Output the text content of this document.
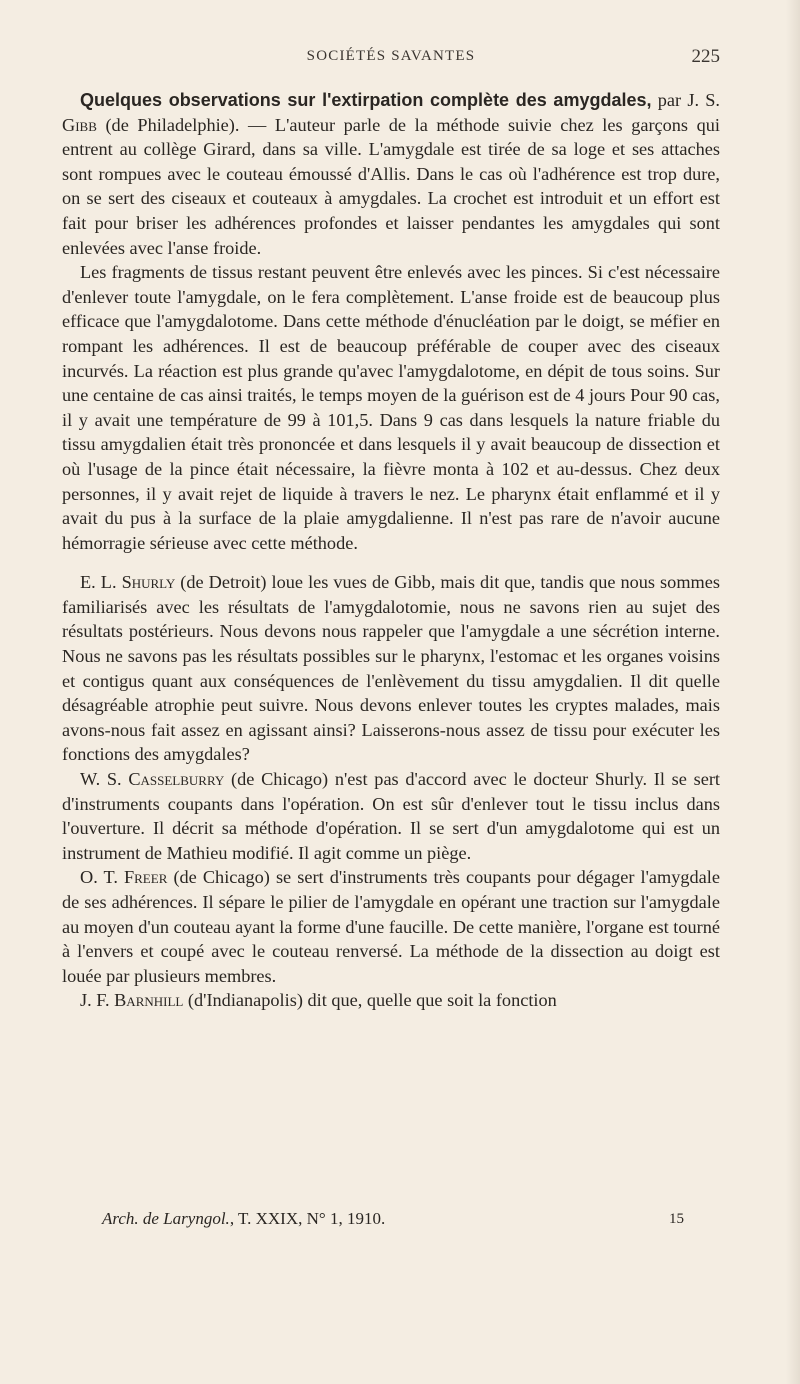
SOCIÉTÉS SAVANTES	225

Quelques observations sur l'extirpation complète des amygdales, par J. S. Gibb (de Philadelphie). — L'auteur parle de la méthode suivie chez les garçons qui entrent au collège Girard, dans sa ville. L'amygdale est tirée de sa loge et ses attaches sont rompues avec le couteau émoussé d'Allis. Dans le cas où l'adhérence est trop dure, on se sert des ciseaux et couteaux à amygdales. La crochet est introduit et un effort est fait pour briser les adhérences profondes et laisser pendantes les amygdales qui sont enlevées avec l'anse froide.

Les fragments de tissus restant peuvent être enlevés avec les pinces. Si c'est nécessaire d'enlever toute l'amygdale, on le fera complètement. L'anse froide est de beaucoup plus efficace que l'amygdalotome. Dans cette méthode d'énucléation par le doigt, se méfier en rompant les adhérences. Il est de beaucoup préférable de couper avec des ciseaux incurvés. La réaction est plus grande qu'avec l'amygdalotome, en dépit de tous soins. Sur une centaine de cas ainsi traités, le temps moyen de la guérison est de 4 jours Pour 90 cas, il y avait une température de 99 à 101,5. Dans 9 cas dans lesquels la nature friable du tissu amygdalien était très prononcée et dans lesquels il y avait beaucoup de dissection et où l'usage de la pince était nécessaire, la fièvre monta à 102 et au-dessus. Chez deux personnes, il y avait rejet de liquide à travers le nez. Le pharynx était enflammé et il y avait du pus à la surface de la plaie amygdalienne. Il n'est pas rare de n'avoir aucune hémorragie sérieuse avec cette méthode.

E. L. Shurly (de Detroit) loue les vues de Gibb, mais dit que, tandis que nous sommes familiarisés avec les résultats de l'amygdalotomie, nous ne savons rien au sujet des résultats postérieurs. Nous devons nous rappeler que l'amygdale a une sécrétion interne. Nous ne savons pas les résultats possibles sur le pharynx, l'estomac et les organes voisins et contigus quant aux conséquences de l'enlèvement du tissu amygdalien. Il dit quelle désagréable atrophie peut suivre. Nous devons enlever toutes les cryptes malades, mais avons-nous fait assez en agissant ainsi? Laisserons-nous assez de tissu pour exécuter les fonctions des amygdales?

W. S. Casselburry (de Chicago) n'est pas d'accord avec le docteur Shurly. Il se sert d'instruments coupants dans l'opération. On est sûr d'enlever tout le tissu inclus dans l'ouverture. Il décrit sa méthode d'opération. Il se sert d'un amygdalotome qui est un instrument de Mathieu modifié. Il agit comme un piège.

O. T. Freer (de Chicago) se sert d'instruments très coupants pour dégager l'amygdale de ses adhérences. Il sépare le pilier de l'amygdale en opérant une traction sur l'amygdale au moyen d'un couteau ayant la forme d'une faucille. De cette manière, l'organe est tourné à l'envers et coupé avec le couteau renversé. La méthode de la dissection au doigt est louée par plusieurs membres.

J. F. Barnhill (d'Indianapolis) dit que, quelle que soit la fonction

Arch. de Laryngol., T. XXIX, N° 1, 1910.	15
